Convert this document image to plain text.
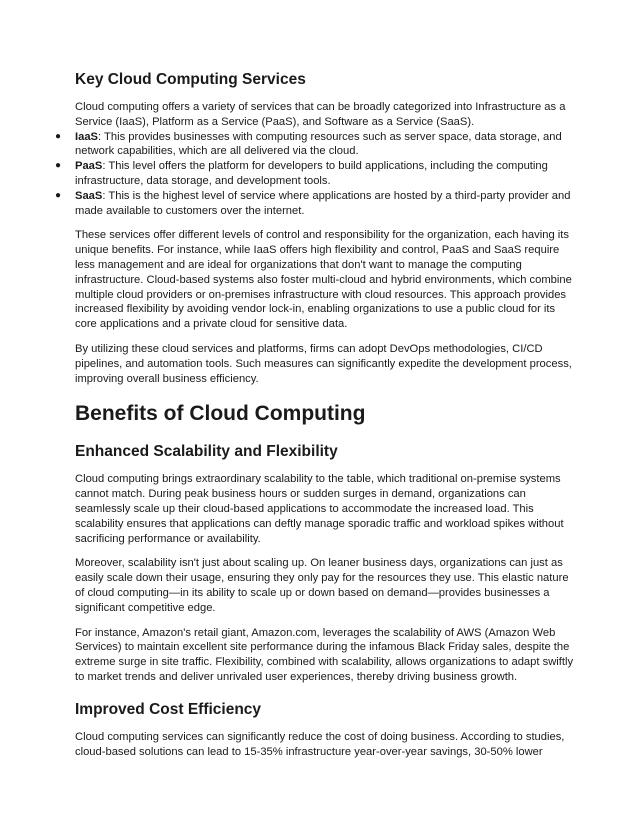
Key Cloud Computing Services

Cloud computing offers a variety of services that can be broadly categorized into Infrastructure as a Service (IaaS), Platform as a Service (PaaS), and Software as a Service (SaaS).

● IaaS: This provides businesses with computing resources such as server space, data storage, and network capabilities, which are all delivered via the cloud.
● PaaS: This level offers the platform for developers to build applications, including the computing infrastructure, data storage, and development tools.
● SaaS: This is the highest level of service where applications are hosted by a third-party provider and made available to customers over the internet.

These services offer different levels of control and responsibility for the organization, each having its unique benefits. For instance, while IaaS offers high flexibility and control, PaaS and SaaS require less management and are ideal for organizations that don't want to manage the computing infrastructure. Cloud-based systems also foster multi-cloud and hybrid environments, which combine multiple cloud providers or on-premises infrastructure with cloud resources. This approach provides increased flexibility by avoiding vendor lock-in, enabling organizations to use a public cloud for its core applications and a private cloud for sensitive data.

By utilizing these cloud services and platforms, firms can adopt DevOps methodologies, CI/CD pipelines, and automation tools. Such measures can significantly expedite the development process, improving overall business efficiency.

Benefits of Cloud Computing
Enhanced Scalability and Flexibility

Cloud computing brings extraordinary scalability to the table, which traditional on-premise systems cannot match. During peak business hours or sudden surges in demand, organizations can seamlessly scale up their cloud-based applications to accommodate the increased load. This scalability ensures that applications can deftly manage sporadic traffic and workload spikes without sacrificing performance or availability.

Moreover, scalability isn't just about scaling up. On leaner business days, organizations can just as easily scale down their usage, ensuring they only pay for the resources they use. This elastic nature of cloud computing—in its ability to scale up or down based on demand—provides businesses a significant competitive edge.

For instance, Amazon's retail giant, Amazon.com, leverages the scalability of AWS (Amazon Web Services) to maintain excellent site performance during the infamous Black Friday sales, despite the extreme surge in site traffic. Flexibility, combined with scalability, allows organizations to adapt swiftly to market trends and deliver unrivaled user experiences, thereby driving business growth.

Improved Cost Efficiency

Cloud computing services can significantly reduce the cost of doing business. According to studies, cloud-based solutions can lead to 15-35% infrastructure year-over-year savings, 30-50% lower
